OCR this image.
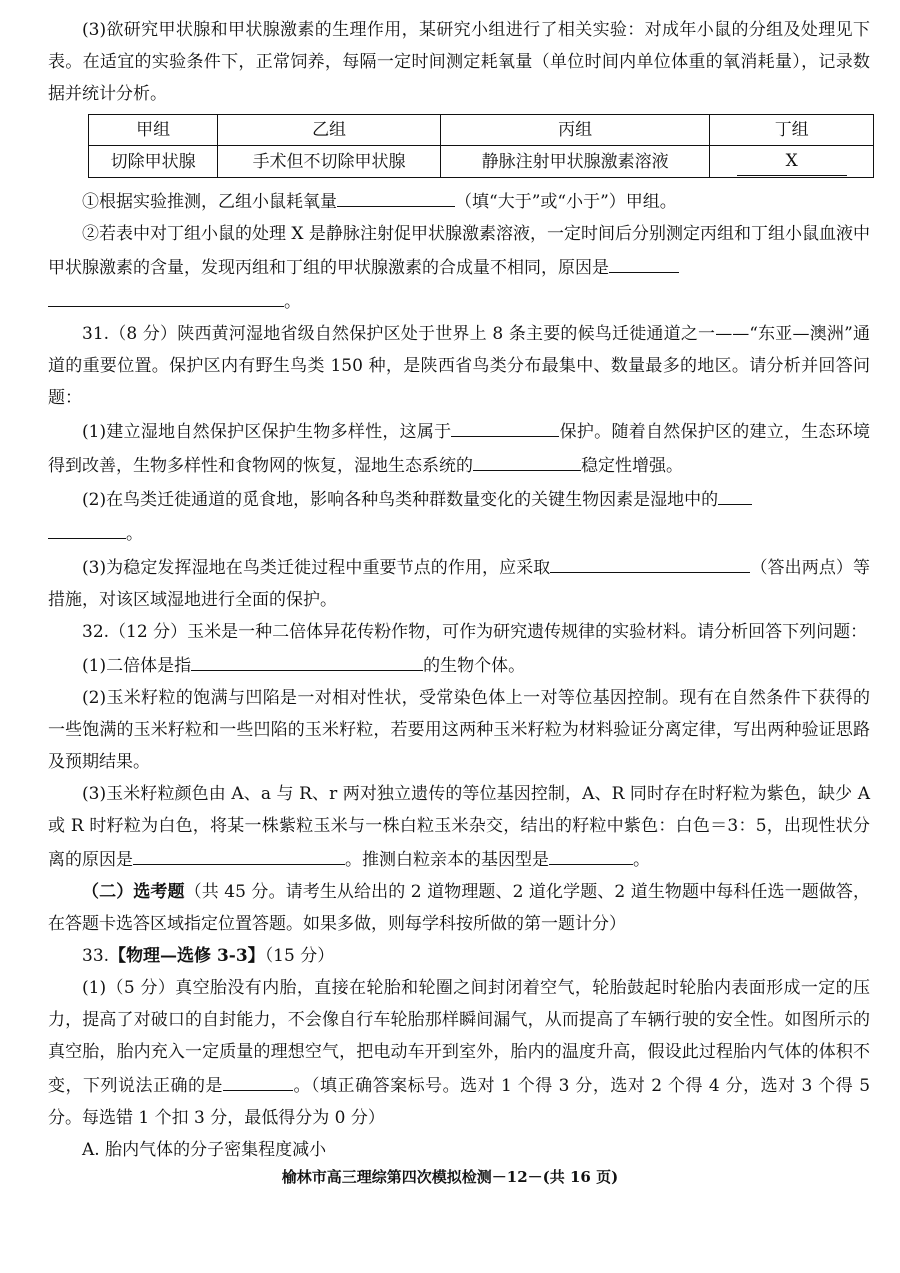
(3)欲研究甲状腺和甲状腺激素的生理作用，某研究小组进行了相关实验：对成年小鼠的分组及处理见下表。在适宜的实验条件下，正常饲养，每隔一定时间测定耗氧量（单位时间内单位体重的氧消耗量），记录数据并统计分析。

甲组	乙组	丙组	丁组
切除甲状腺	手术但不切除甲状腺	静脉注射甲状腺激素溶液	X

①根据实验推测，乙组小鼠耗氧量	（填“大于”或“小于”）甲组。

②若表中对丁组小鼠的处理 X 是静脉注射促甲状腺激素溶液，一定时间后分别测定丙组和丁组小鼠血液中甲状腺激素的含量，发现丙组和丁组的甲状腺激素的合成量不相同，原因是
。

31.（8 分）陕西黄河湿地省级自然保护区处于世界上 8 条主要的候鸟迁徙通道之一——“东亚—澳洲”通道的重要位置。保护区内有野生鸟类 150 种，是陕西省鸟类分布最集中、数量最多的地区。请分析并回答问题：

(1)建立湿地自然保护区保护生物多样性，这属于	保护。随着自然保护区的建立，生态环境得到改善，生物多样性和食物网的恢复，湿地生态系统的	稳定性增强。

(2)在鸟类迁徙通道的觅食地，影响各种鸟类种群数量变化的关键生物因素是湿地中的
。

(3)为稳定发挥湿地在鸟类迁徙过程中重要节点的作用，应采取	（答出两点）等措施，对该区域湿地进行全面的保护。

32.（12 分）玉米是一种二倍体异花传粉作物，可作为研究遗传规律的实验材料。请分析回答下列问题：

(1)二倍体是指	的生物个体。

(2)玉米籽粒的饱满与凹陷是一对相对性状，受常染色体上一对等位基因控制。现有在自然条件下获得的一些饱满的玉米籽粒和一些凹陷的玉米籽粒，若要用这两种玉米籽粒为材料验证分离定律，写出两种验证思路及预期结果。

(3)玉米籽粒颜色由 A、a 与 R、r 两对独立遗传的等位基因控制，A、R 同时存在时籽粒为紫色，缺少 A 或 R 时籽粒为白色，将某一株紫粒玉米与一株白粒玉米杂交，结出的籽粒中紫色：白色＝3：5，出现性状分离的原因是	。推测白粒亲本的基因型是	。

（二）选考题（共 45 分。请考生从给出的 2 道物理题、2 道化学题、2 道生物题中每科任选一题做答，在答题卡选答区域指定位置答题。如果多做，则每学科按所做的第一题计分）

33.【物理—选修 3-3】（15 分）

(1)（5 分）真空胎没有内胎，直接在轮胎和轮圈之间封闭着空气，轮胎鼓起时轮胎内表面形成一定的压力，提高了对破口的自封能力，不会像自行车轮胎那样瞬间漏气，从而提高了车辆行驶的安全性。如图所示的真空胎，胎内充入一定质量的理想空气，把电动车开到室外，胎内的温度升高，假设此过程胎内气体的体积不变，下列说法正确的是	。（填正确答案标号。选对 1 个得 3 分，选对 2 个得 4 分，选对 3 个得 5 分。每选错 1 个扣 3 分，最低得分为 0 分）

A. 胎内气体的分子密集程度减小

榆林市高三理综第四次模拟检测－12－(共 16 页)
